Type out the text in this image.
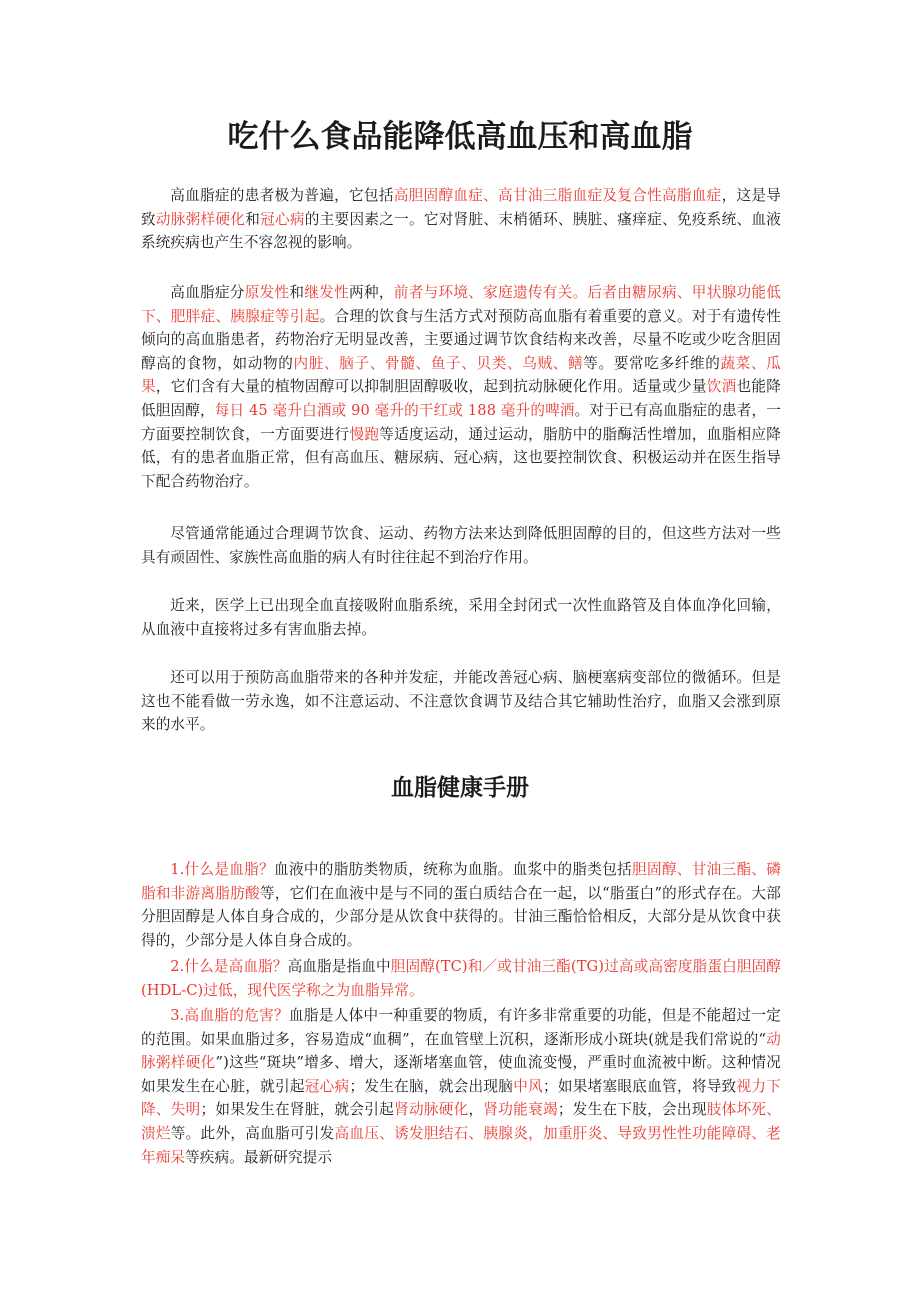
吃什么食品能降低高血压和高血脂

高血脂症的患者极为普遍，它包括高胆固醇血症、高甘油三脂血症及复合性高脂血症，这是导致动脉粥样硬化和冠心病的主要因素之一。它对肾脏、末梢循环、胰脏、瘙痒症、免疫系统、血液系统疾病也产生不容忽视的影响。

高血脂症分原发性和继发性两种，前者与环境、家庭遗传有关。后者由糖尿病、甲状腺功能低下、肥胖症、胰腺症等引起。合理的饮食与生活方式对预防高血脂有着重要的意义。对于有遗传性倾向的高血脂患者，药物治疗无明显改善，主要通过调节饮食结构来改善，尽量不吃或少吃含胆固醇高的食物，如动物的内脏、脑子、骨髓、鱼子、贝类、乌贼、鳝等。要常吃多纤维的蔬菜、瓜果，它们含有大量的植物固醇可以抑制胆固醇吸收，起到抗动脉硬化作用。适量或少量饮酒也能降低胆固醇，每日 45 毫升白酒或 90 毫升的干红或 188 毫升的啤酒。对于已有高血脂症的患者，一方面要控制饮食，一方面要进行慢跑等适度运动，通过运动，脂肪中的脂酶活性增加，血脂相应降低，有的患者血脂正常，但有高血压、糖尿病、冠心病，这也要控制饮食、积极运动并在医生指导下配合药物治疗。

尽管通常能通过合理调节饮食、运动、药物方法来达到降低胆固醇的目的，但这些方法对一些具有顽固性、家族性高血脂的病人有时往往起不到治疗作用。

近来，医学上已出现全血直接吸附血脂系统，采用全封闭式一次性血路管及自体血净化回输，从血液中直接将过多有害血脂去掉。

还可以用于预防高血脂带来的各种并发症，并能改善冠心病、脑梗塞病变部位的微循环。但是这也不能看做一劳永逸，如不注意运动、不注意饮食调节及结合其它辅助性治疗，血脂又会涨到原来的水平。

血脂健康手册

1.什么是血脂？血液中的脂肪类物质，统称为血脂。血浆中的脂类包括胆固醇、甘油三酯、磷脂和非游离脂肪酸等，它们在血液中是与不同的蛋白质结合在一起，以“脂蛋白”的形式存在。大部分胆固醇是人体自身合成的，少部分是从饮食中获得的。甘油三酯恰恰相反，大部分是从饮食中获得的，少部分是人体自身合成的。

2.什么是高血脂？高血脂是指血中胆固醇(TC)和／或甘油三酯(TG)过高或高密度脂蛋白胆固醇(HDL-C)过低，现代医学称之为血脂异常。

3.高血脂的危害？血脂是人体中一种重要的物质，有许多非常重要的功能，但是不能超过一定的范围。如果血脂过多，容易造成“血稠”，在血管壁上沉积，逐渐形成小斑块(就是我们常说的“动脉粥样硬化”)这些“斑块”增多、增大，逐渐堵塞血管，使血流变慢，严重时血流被中断。这种情况如果发生在心脏，就引起冠心病；发生在脑，就会出现脑中风；如果堵塞眼底血管，将导致视力下降、失明；如果发生在肾脏，就会引起肾动脉硬化，肾功能衰竭；发生在下肢，会出现肢体坏死、溃烂等。此外，高血脂可引发高血压、诱发胆结石、胰腺炎，加重肝炎、导致男性性功能障碍、老年痴呆等疾病。最新研究提示
